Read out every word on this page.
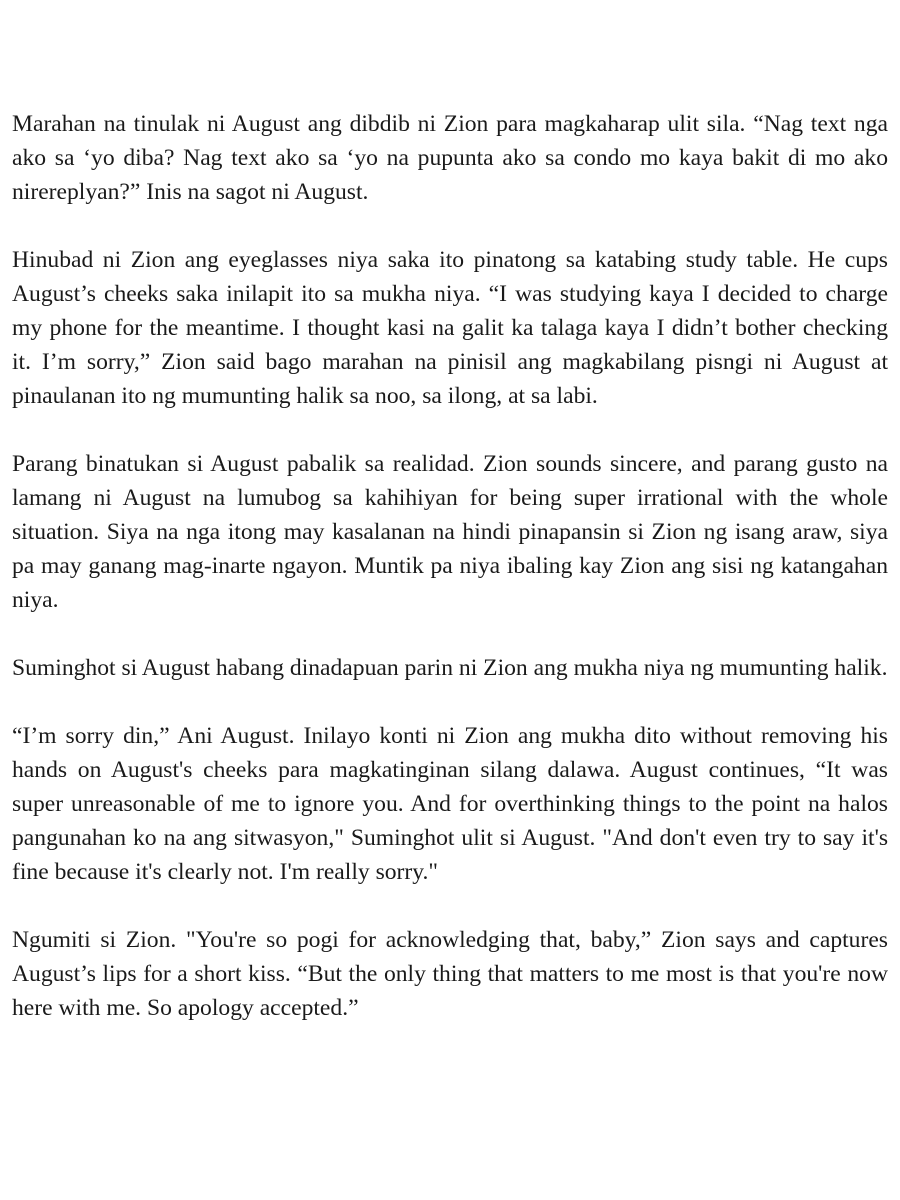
Marahan na tinulak ni August ang dibdib ni Zion para magkaharap ulit sila. “Nag text nga ako sa ‘yo diba? Nag text ako sa ‘yo na pupunta ako sa condo mo kaya bakit di mo ako nirereplyan?” Inis na sagot ni August.

Hinubad ni Zion ang eyeglasses niya saka ito pinatong sa katabing study table. He cups August’s cheeks saka inilapit ito sa mukha niya. “I was studying kaya I decided to charge my phone for the meantime. I thought kasi na galit ka talaga kaya I didn’t bother checking it. I’m sorry,” Zion said bago marahan na pinisil ang magkabilang pisngi ni August at pinaulanan ito ng mumunting halik sa noo, sa ilong, at sa labi.

Parang binatukan si August pabalik sa realidad. Zion sounds sincere, and parang gusto na lamang ni August na lumubog sa kahihiyan for being super irrational with the whole situation. Siya na nga itong may kasalanan na hindi pinapansin si Zion ng isang araw, siya pa may ganang mag-inarte ngayon. Muntik pa niya ibaling kay Zion ang sisi ng katangahan niya.

Suminghot si August habang dinadapuan parin ni Zion ang mukha niya ng mumunting halik.

“I’m sorry din,” Ani August. Inilayo konti ni Zion ang mukha dito without removing his hands on August's cheeks para magkatinginan silang dalawa. August continues, “It was super unreasonable of me to ignore you. And for overthinking things to the point na halos pangunahan ko na ang sitwasyon," Suminghot ulit si August. "And don't even try to say it's fine because it's clearly not. I'm really sorry."

Ngumiti si Zion. "You're so pogi for acknowledging that, baby,” Zion says and captures August’s lips for a short kiss. “But the only thing that matters to me most is that you're now here with me. So apology accepted.”
